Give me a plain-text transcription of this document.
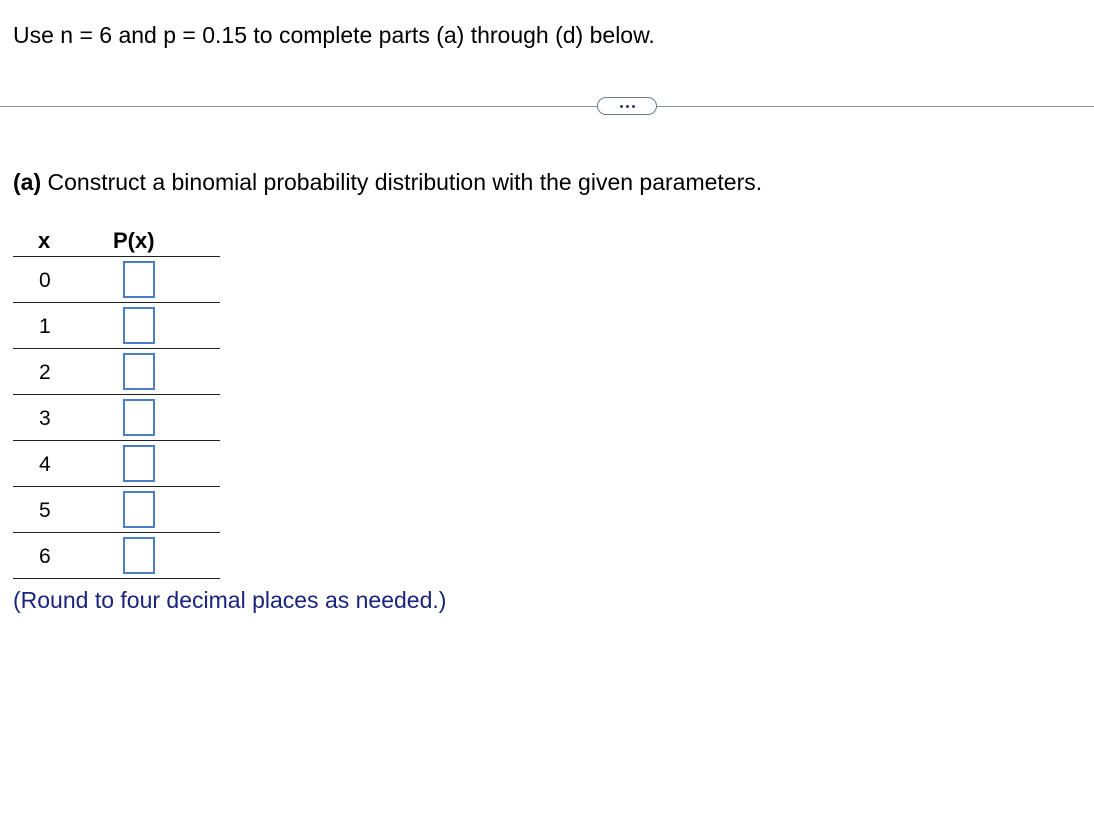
Use n = 6 and p = 0.15 to complete parts (a) through (d) below.
(a) Construct a binomial probability distribution with the given parameters.
x	P(x)
0
1
2
3
4
5
6
(Round to four decimal places as needed.)
